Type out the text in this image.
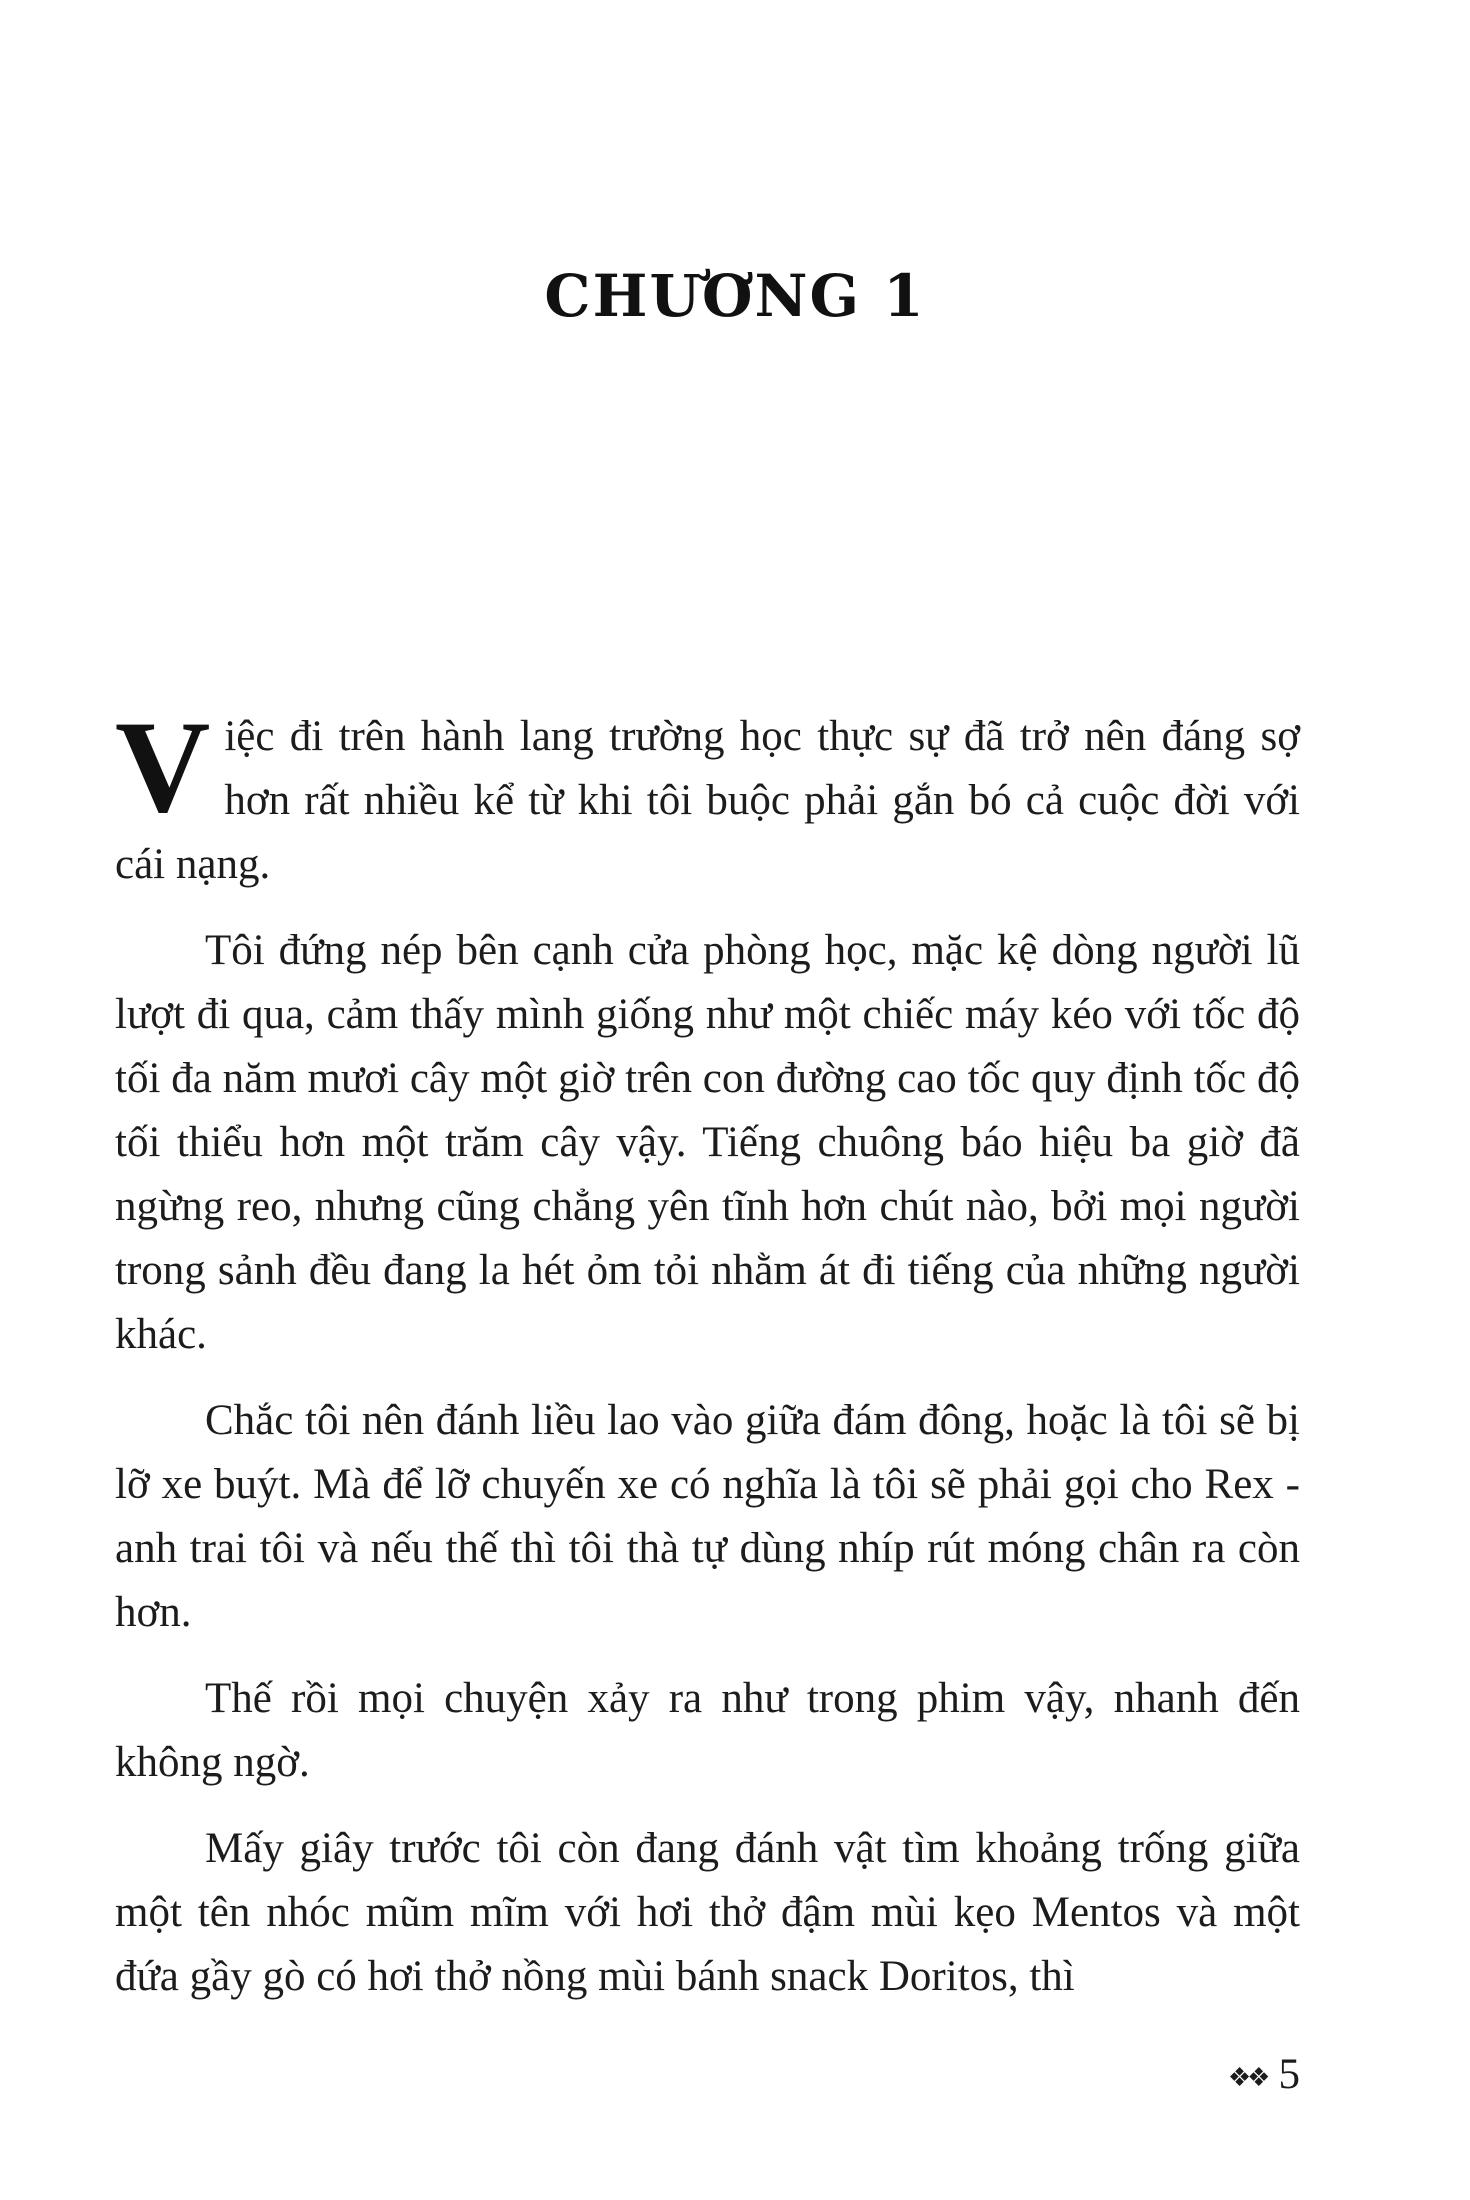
CHƯƠNG 1

Việc đi trên hành lang trường học thực sự đã trở nên đáng sợ hơn rất nhiều kể từ khi tôi buộc phải gắn bó cả cuộc đời với cái nạng.

Tôi đứng nép bên cạnh cửa phòng học, mặc kệ dòng người lũ lượt đi qua, cảm thấy mình giống như một chiếc máy kéo với tốc độ tối đa năm mươi cây một giờ trên con đường cao tốc quy định tốc độ tối thiểu hơn một trăm cây vậy. Tiếng chuông báo hiệu ba giờ đã ngừng reo, nhưng cũng chẳng yên tĩnh hơn chút nào, bởi mọi người trong sảnh đều đang la hét ỏm tỏi nhằm át đi tiếng của những người khác.

Chắc tôi nên đánh liều lao vào giữa đám đông, hoặc là tôi sẽ bị lỡ xe buýt. Mà để lỡ chuyến xe có nghĩa là tôi sẽ phải gọi cho Rex - anh trai tôi và nếu thế thì tôi thà tự dùng nhíp rút móng chân ra còn hơn.

Thế rồi mọi chuyện xảy ra như trong phim vậy, nhanh đến không ngờ.

Mấy giây trước tôi còn đang đánh vật tìm khoảng trống giữa một tên nhóc mũm mĩm với hơi thở đậm mùi kẹo Mentos và một đứa gầy gò có hơi thở nồng mùi bánh snack Doritos, thì

❖❖ 5
